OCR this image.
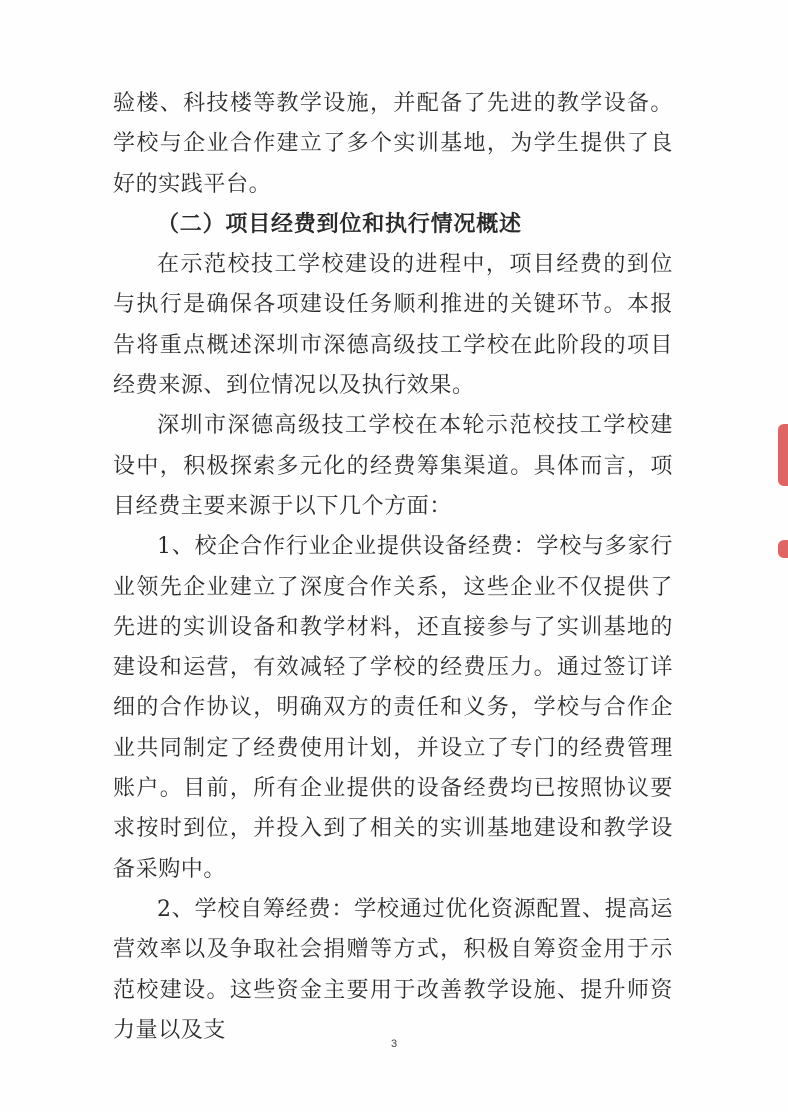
验楼、科技楼等教学设施，并配备了先进的教学设备。学校与企业合作建立了多个实训基地，为学生提供了良好的实践平台。

（二）项目经费到位和执行情况概述

在示范校技工学校建设的进程中，项目经费的到位与执行是确保各项建设任务顺利推进的关键环节。本报告将重点概述深圳市深德高级技工学校在此阶段的项目经费来源、到位情况以及执行效果。

深圳市深德高级技工学校在本轮示范校技工学校建设中，积极探索多元化的经费筹集渠道。具体而言，项目经费主要来源于以下几个方面：

1、校企合作行业企业提供设备经费：学校与多家行业领先企业建立了深度合作关系，这些企业不仅提供了先进的实训设备和教学材料，还直接参与了实训基地的建设和运营，有效减轻了学校的经费压力。通过签订详细的合作协议，明确双方的责任和义务，学校与合作企业共同制定了经费使用计划，并设立了专门的经费管理账户。目前，所有企业提供的设备经费均已按照协议要求按时到位，并投入到了相关的实训基地建设和教学设备采购中。

2、学校自筹经费：学校通过优化资源配置、提高运营效率以及争取社会捐赠等方式，积极自筹资金用于示范校建设。这些资金主要用于改善教学设施、提升师资力量以及支

3
